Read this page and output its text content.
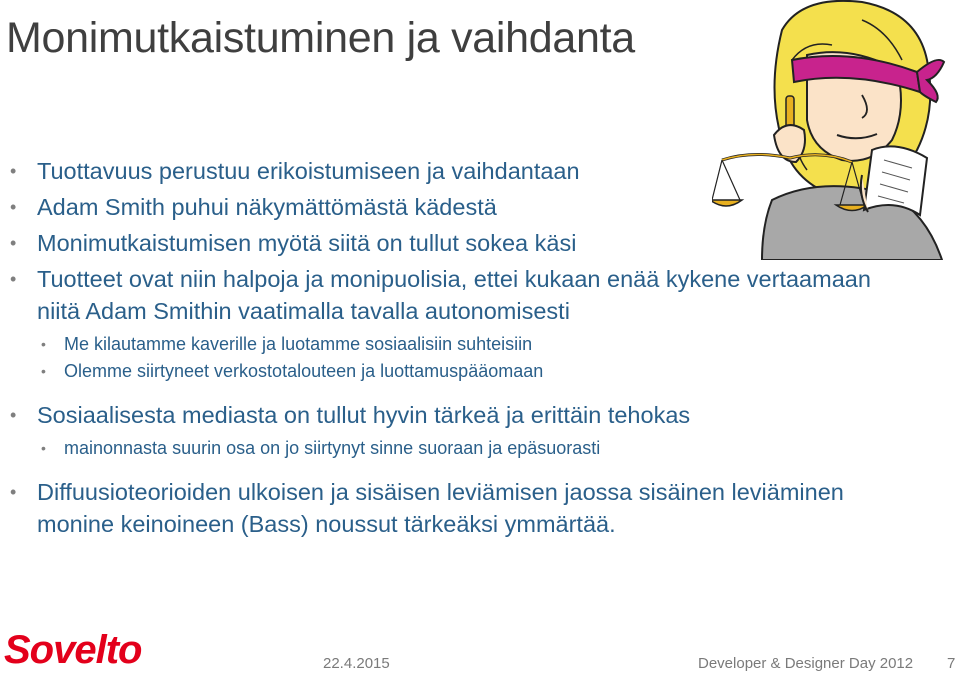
Monimutkaistuminen ja vaihdanta
• Tuottavuus perustuu erikoistumiseen ja vaihdantaan
• Adam Smith puhui näkymättömästä kädestä
• Monimutkaistumisen myötä siitä on tullut sokea käsi
• Tuotteet ovat niin halpoja ja monipuolisia, ettei kukaan enää kykene vertaamaan niitä Adam Smithin vaatimalla tavalla autonomisesti
• Me kilautamme kaverille ja luotamme sosiaalisiin suhteisiin
• Olemme siirtyneet verkostotalouteen ja luottamuspääomaan
• Sosiaalisesta mediasta on tullut hyvin tärkeä ja erittäin tehokas
• mainonnasta suurin osa on jo siirtynyt sinne suoraan ja epäsuorasti
• Diffuusioteorioiden ulkoisen ja sisäisen leviämisen jaossa sisäinen leviäminen monine keinoineen (Bass) noussut tärkeäksi ymmärtää.
Sovelto	22.4.2015	Developer & Designer Day 2012 7
